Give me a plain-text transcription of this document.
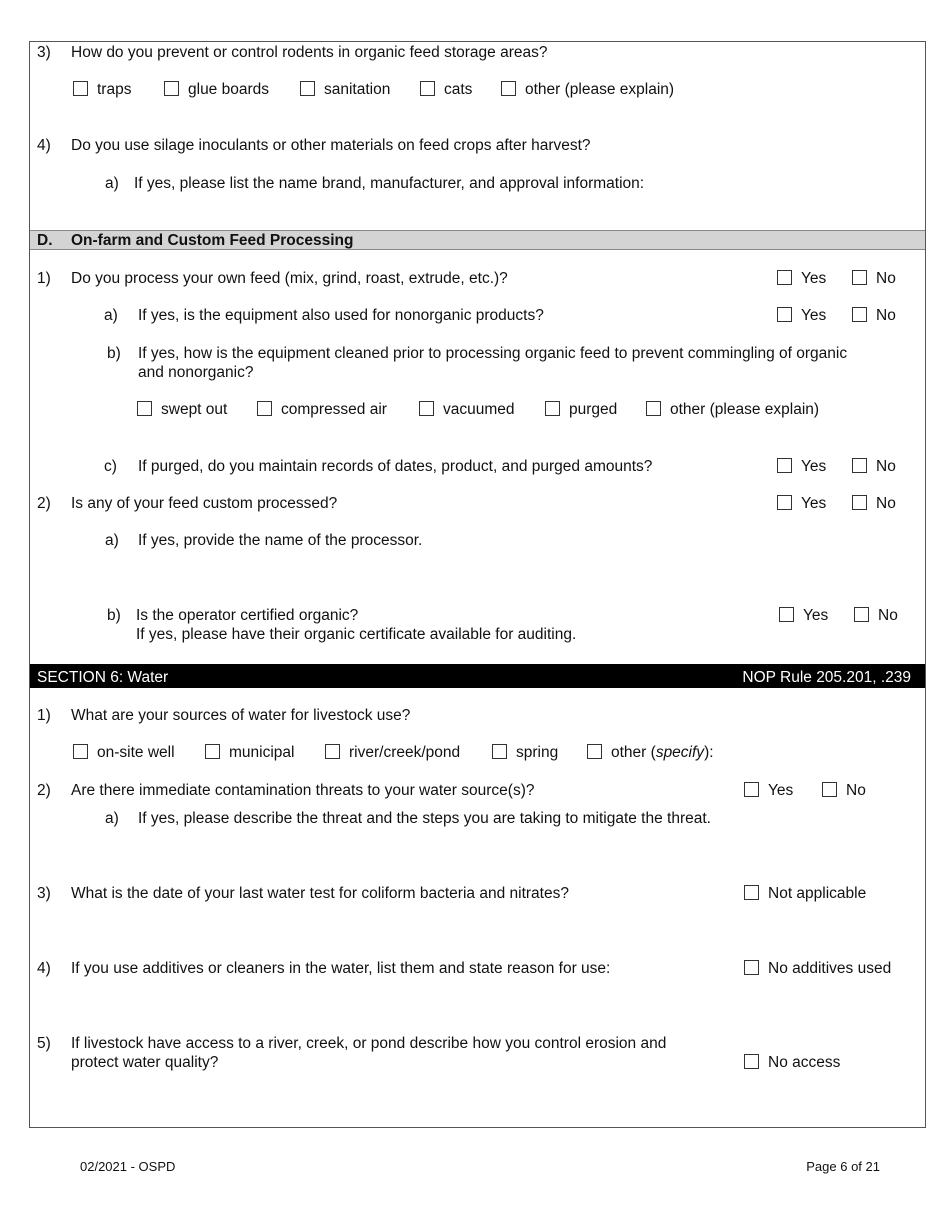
3) How do you prevent or control rodents in organic feed storage areas?
traps	glue boards	sanitation	cats	other (please explain)
4) Do you use silage inoculants or other materials on feed crops after harvest?
a) If yes, please list the name brand, manufacturer, and approval information:
D. On-farm and Custom Feed Processing
1) Do you process your own feed (mix, grind, roast, extrude, etc.)?	Yes	No
a) If yes, is the equipment also used for nonorganic products?	Yes	No
b) If yes, how is the equipment cleaned prior to processing organic feed to prevent commingling of organic
and nonorganic?
swept out	compressed air	vacuumed	purged	other (please explain)
c) If purged, do you maintain records of dates, product, and purged amounts?	Yes	No
2) Is any of your feed custom processed?	Yes	No
a) If yes, provide the name of the processor.
b) Is the operator certified organic?
If yes, please have their organic certificate available for auditing.
Yes	No
SECTION 6: Water	NOP Rule 205.201, .239
1) What are your sources of water for livestock use?
on-site well	municipal	river/creek/pond	spring	other (specify):
2) Are there immediate contamination threats to your water source(s)?	Yes	No
a) If yes, please describe the threat and the steps you are taking to mitigate the threat.
3) What is the date of your last water test for coliform bacteria and nitrates?	Not applicable
4) If you use additives or cleaners in the water, list them and state reason for use:	No additives used
5) If livestock have access to a river, creek, or pond describe how you control erosion and
protect water quality?	No access
02/2021 - OSPD	Page 6 of 21
